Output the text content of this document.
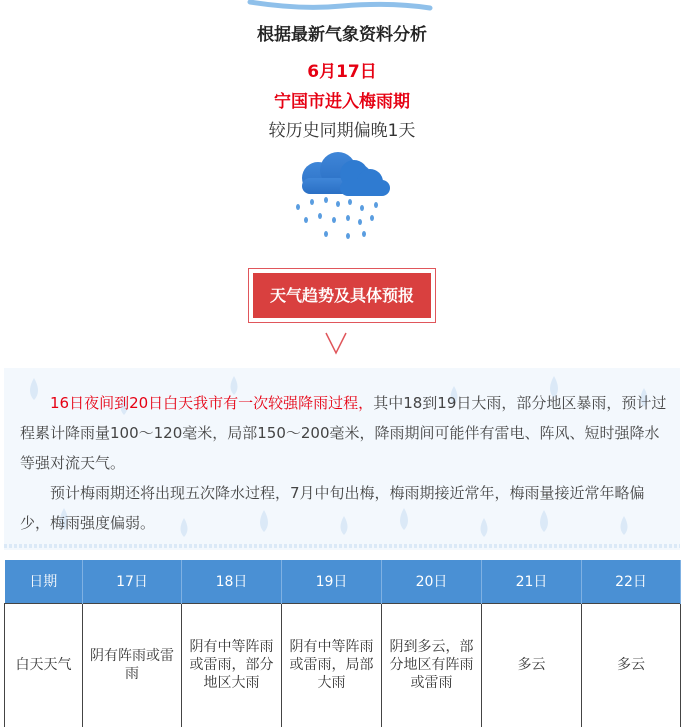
根据最新气象资料分析
6月17日
宁国市进入梅雨期
较历史同期偏晚1天
天气趋势及具体预报

16日夜间到20日白天我市有一次较强降雨过程，其中18到19日大雨，部分地区暴雨，预计过程累计降雨量100～120毫米，局部150～200毫米，降雨期间可能伴有雷电、阵风、短时强降水等强对流天气。

预计梅雨期还将出现五次降水过程，7月中旬出梅，梅雨期接近常年，梅雨量接近常年略偏少，梅雨强度偏弱。

日期	17日	18日	19日	20日	21日	22日
白天天气	阴有阵雨或雷雨	阴有中等阵雨或雷雨，部分地区大雨	阴有中等阵雨或雷雨，局部大雨	阴到多云，部分地区有阵雨或雷雨	多云	多云
